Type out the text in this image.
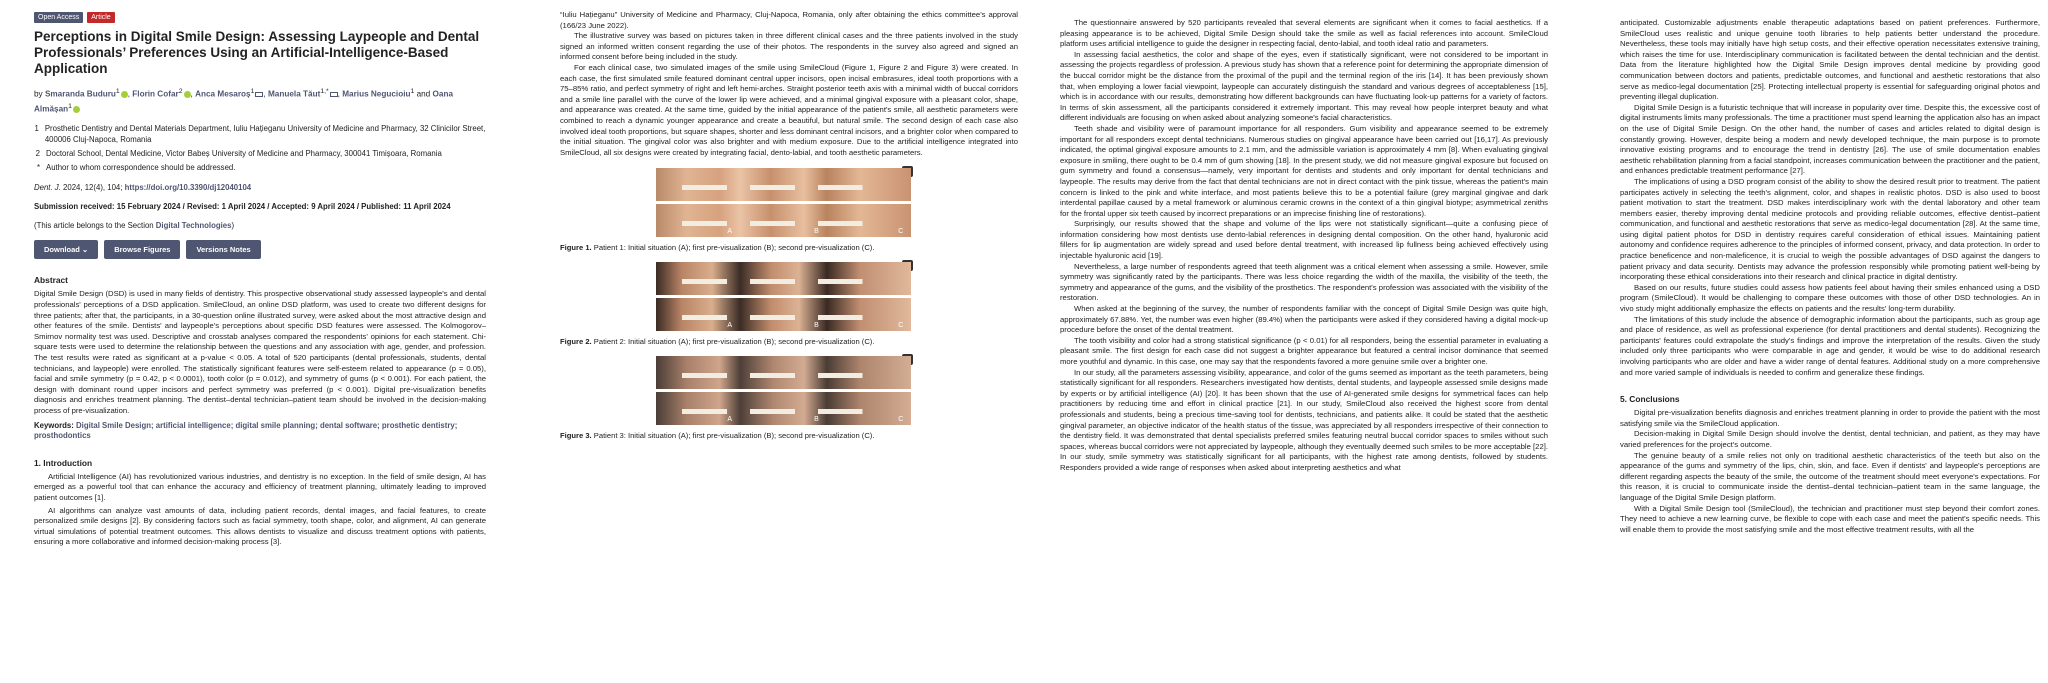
Open Access	Article
Perceptions in Digital Smile Design: Assessing Laypeople and Dental Professionals’ Preferences Using an Artificial-Intelligence-Based Application
by Smaranda Buduru$^1$ , Florin Cofar$^2$ , Anca Mesaroș$^1$ , Manuela Tăut$^{1,*}$ , Marius Negucioiu$^1$ and Oana Almășan$^1$
1 Prosthetic Dentistry and Dental Materials Department, Iuliu Hațieganu University of Medicine and Pharmacy, 32 Clinicilor Street, 400006 Cluj-Napoca, Romania
2 Doctoral School, Dental Medicine, Victor Babeș University of Medicine and Pharmacy, 300041 Timișoara, Romania
* Author to whom correspondence should be addressed.
Dent. J. 2024, 12(4), 104; https://doi.org/10.3390/dj12040104
Submission received: 15 February 2024 / Revised: 1 April 2024 / Accepted: 9 April 2024 / Published: 11 April 2024
(This article belongs to the Section Digital Technologies)
Download ⌄	Browse Figures	Versions Notes
Abstract

Digital Smile Design (DSD) is used in many fields of dentistry. This prospective observational study assessed laypeople's and dental professionals' perceptions of a DSD application. SmileCloud, an online DSD platform, was used to create two different designs for three patients; after that, the participants, in a 30-question online illustrated survey, were asked about the most attractive design and other features of the smile. Dentists' and laypeople's perceptions about specific DSD features were assessed. The Kolmogorov–Smirnov normality test was used. Descriptive and crosstab analyses compared the respondents' opinions for each statement. Chi-square tests were used to determine the relationship between the questions and any association with age, gender, and profession. The test results were rated as significant at a p-value < 0.05. A total of 520 participants (dental professionals, students, dental technicians, and laypeople) were enrolled. The statistically significant features were self-esteem related to appearance (p = 0.05), facial and smile symmetry (p = 0.42, p < 0.0001), tooth color (p = 0.012), and symmetry of gums (p < 0.001). For each patient, the design with dominant round upper incisors and perfect symmetry was preferred (p < 0.001). Digital pre-visualization benefits diagnosis and enriches treatment planning. The dentist–dental technician–patient team should be involved in the decision-making process of pre-visualization.

Keywords: Digital Smile Design; artificial intelligence; digital smile planning; dental software; prosthetic dentistry; prosthodontics
1. Introduction

Artificial Intelligence (AI) has revolutionized various industries, and dentistry is no exception. In the field of smile design, AI has emerged as a powerful tool that can enhance the accuracy and efficiency of treatment planning, ultimately leading to improved patient outcomes [1].

AI algorithms can analyze vast amounts of data, including patient records, dental images, and facial features, to create personalized smile designs [2]. By considering factors such as facial symmetry, tooth shape, color, and alignment, AI can generate virtual simulations of potential treatment outcomes. This allows dentists to visualize and discuss treatment options with patients, ensuring a more collaborative and informed decision-making process [3].

“Iuliu Hațieganu” University of Medicine and Pharmacy, Cluj-Napoca, Romania, only after obtaining the ethics committee's approval (166/23 June 2022).

The illustrative survey was based on pictures taken in three different clinical cases and the three patients involved in the study signed an informed written consent regarding the use of their photos. The respondents in the survey also agreed and signed an informed consent before being included in the study.

For each clinical case, two simulated images of the smile using SmileCloud (Figure 1, Figure 2 and Figure 3) were created. In each case, the first simulated smile featured dominant central upper incisors, open incisal embrasures, ideal tooth proportions with a 75–85% ratio, and perfect symmetry of right and left hemi-arches. Straight posterior teeth axis with a minimal width of buccal corridors and a smile line parallel with the curve of the lower lip were achieved, and a minimal gingival exposure with a pleasant color, shape, and appearance was created. At the same time, guided by the initial appearance of the patient's smile, all aesthetic parameters were combined to reach a dynamic younger appearance and create a beautiful, but natural smile. The second design of each case also involved ideal tooth proportions, but square shapes, shorter and less dominant central incisors, and a brighter color when compared to the initial situation. The gingival color was also brighter and with medium exposure. Due to the artificial intelligence integrated into SmileCloud, all six designs were created by integrating facial, dento-labial, and tooth aesthetic parameters.

A	B	C
Figure 1. Patient 1: Initial situation (A); first pre-visualization (B); second pre-visualization (C).
A	B	C
Figure 2. Patient 2: Initial situation (A); first pre-visualization (B); second pre-visualization (C).
A	B	C
Figure 3. Patient 3: Initial situation (A); first pre-visualization (B); second pre-visualization (C).

The questionnaire answered by 520 participants revealed that several elements are significant when it comes to facial aesthetics. If a pleasing appearance is to be achieved, Digital Smile Design should take the smile as well as facial references into account. SmileCloud platform uses artificial intelligence to guide the designer in respecting facial, dento-labial, and tooth ideal ratio and parameters.

In assessing facial aesthetics, the color and shape of the eyes, even if statistically significant, were not considered to be important in assessing the projects regardless of profession. A previous study has shown that a reference point for determining the appropriate dimension of the buccal corridor might be the distance from the proximal of the pupil and the terminal region of the iris [14]. It has been previously shown that, when employing a lower facial viewpoint, laypeople can accurately distinguish the standard and various degrees of acceptableness [15], which is in accordance with our results, demonstrating how different backgrounds can have fluctuating look-up patterns for a variety of factors. In terms of skin assessment, all the participants considered it extremely important. This may reveal how people interpret beauty and what different individuals are focusing on when asked about analyzing someone's facial characteristics.

Teeth shade and visibility were of paramount importance for all responders. Gum visibility and appearance seemed to be extremely important for all responders except dental technicians. Numerous studies on gingival appearance have been carried out [16,17]. As previously indicated, the optimal gingival exposure amounts to 2.1 mm, and the admissible variation is approximately 4 mm [8]. When evaluating gingival exposure in smiling, there ought to be 0.4 mm of gum showing [18]. In the present study, we did not measure gingival exposure but focused on gum symmetry and found a consensus—namely, very important for dentists and students and only important for dental technicians and laypeople. The results may derive from the fact that dental technicians are not in direct contact with the pink tissue, whereas the patient's main concern is linked to the pink and white interface, and most patients believe this to be a potential failure (grey marginal gingivae and dark interdental papillae caused by a metal framework or aluminous ceramic crowns in the context of a thin gingival biotype; asymmetrical zeniths for the frontal upper six teeth caused by incorrect preparations or an imprecise finishing line of restorations).

Surprisingly, our results showed that the shape and volume of the lips were not statistically significant—quite a confusing piece of information considering how most dentists use dento-labial references in designing dental composition. On the other hand, hyaluronic acid fillers for lip augmentation are widely spread and used before dental treatment, with increased lip fullness being achieved effectively using injectable hyaluronic acid [19].

Nevertheless, a large number of respondents agreed that teeth alignment was a critical element when assessing a smile. However, smile symmetry was significantly rated by the participants. There was less choice regarding the width of the maxilla, the visibility of the teeth, the symmetry and appearance of the gums, and the visibility of the prosthetics. The respondent's profession was associated with the visibility of the restoration.

When asked at the beginning of the survey, the number of respondents familiar with the concept of Digital Smile Design was quite high, approximately 67.88%. Yet, the number was even higher (89.4%) when the participants were asked if they considered having a digital mock-up procedure before the onset of the dental treatment.

The tooth visibility and color had a strong statistical significance (p < 0.01) for all responders, being the essential parameter in evaluating a pleasant smile. The first design for each case did not suggest a brighter appearance but featured a central incisor dominance that seemed more youthful and dynamic. In this case, one may say that the respondents favored a more genuine smile over a brighter one.

In our study, all the parameters assessing visibility, appearance, and color of the gums seemed as important as the teeth parameters, being statistically significant for all responders. Researchers investigated how dentists, dental students, and laypeople assessed smile designs made by experts or by artificial intelligence (AI) [20]. It has been shown that the use of AI-generated smile designs for symmetrical faces can help practitioners by reducing time and effort in clinical practice [21]. In our study, SmileCloud also received the highest score from dental professionals and students, being a precious time-saving tool for dentists, technicians, and patients alike. It could be stated that the aesthetic gingival parameter, an objective indicator of the health status of the tissue, was appreciated by all responders irrespective of their connection to the dentistry field. It was demonstrated that dental specialists preferred smiles featuring neutral buccal corridor spaces to smiles without such spaces, whereas buccal corridors were not appreciated by laypeople, although they eventually deemed such smiles to be more acceptable [22]. In our study, smile symmetry was statistically significant for all participants, with the highest rate among dentists, followed by students. Responders provided a wide range of responses when asked about interpreting aesthetics and what

anticipated. Customizable adjustments enable therapeutic adaptations based on patient preferences. Furthermore, SmileCloud uses realistic and unique genuine tooth libraries to help patients better understand the procedure. Nevertheless, these tools may initially have high setup costs, and their effective operation necessitates extensive training, which raises the time for use. Interdisciplinary communication is facilitated between the dental technician and the dentist. Data from the literature highlighted how the Digital Smile Design improves dental medicine by providing good communication between doctors and patients, predictable outcomes, and functional and aesthetic restorations that also serve as medico-legal documentation [25]. Protecting intellectual property is essential for safeguarding original photos and preventing illegal duplication.

Digital Smile Design is a futuristic technique that will increase in popularity over time. Despite this, the excessive cost of digital instruments limits many professionals. The time a practitioner must spend learning the application also has an impact on the use of Digital Smile Design. On the other hand, the number of cases and articles related to digital design is constantly growing. However, despite being a modern and newly developed technique, the main purpose is to promote innovative existing programs and to encourage the trend in dentistry [26]. The use of smile documentation enables aesthetic rehabilitation planning from a facial standpoint, increases communication between the practitioner and the patient, and enhances predictable treatment performance [27].

The implications of using a DSD program consist of the ability to show the desired result prior to treatment. The patient participates actively in selecting the teeth's alignment, color, and shapes in realistic photos. DSD is also used to boost patient motivation to start the treatment. DSD makes interdisciplinary work with the dental laboratory and other team members easier, thereby improving dental medicine protocols and providing reliable outcomes, effective dentist–patient communication, and functional and aesthetic restorations that serve as medico-legal documentation [28]. At the same time, using digital patient photos for DSD in dentistry requires careful consideration of ethical issues. Maintaining patient autonomy and confidence requires adherence to the principles of informed consent, privacy, and data protection. In order to practice beneficence and non-maleficence, it is crucial to weigh the possible advantages of DSD against the dangers to patient privacy and data security. Dentists may advance the profession responsibly while promoting patient well-being by incorporating these ethical considerations into their research and clinical practice in digital dentistry.

Based on our results, future studies could assess how patients feel about having their smiles enhanced using a DSD program (SmileCloud). It would be challenging to compare these outcomes with those of other DSD technologies. An in vivo study might additionally emphasize the effects on patients and the results' long-term durability.

The limitations of this study include the absence of demographic information about the participants, such as group age and place of residence, as well as professional experience (for dental practitioners and dental students). Recognizing the participants' features could extrapolate the study's findings and improve the interpretation of the results. Given the study included only three participants who were comparable in age and gender, it would be wise to do additional research involving participants who are older and have a wider range of dental features. Additional study on a more comprehensive and more varied sample of individuals is needed to confirm and generalize these findings.

5. Conclusions

Digital pre-visualization benefits diagnosis and enriches treatment planning in order to provide the patient with the most satisfying smile via the SmileCloud application.

Decision-making in Digital Smile Design should involve the dentist, dental technician, and patient, as they may have varied preferences for the project's outcome.

The genuine beauty of a smile relies not only on traditional aesthetic characteristics of the teeth but also on the appearance of the gums and symmetry of the lips, chin, skin, and face. Even if dentists' and laypeople's perceptions are different regarding aspects the beauty of the smile, the outcome of the treatment should meet everyone's expectations. For this reason, it is crucial to communicate inside the dentist–dental technician–patient team in the same language, the language of the Digital Smile Design platform.

With a Digital Smile Design tool (SmileCloud), the technician and practitioner must step beyond their comfort zones. They need to achieve a new learning curve, be flexible to cope with each case and meet the patient's specific needs. This will enable them to provide the most satisfying smile and the most effective treatment results, with all the
